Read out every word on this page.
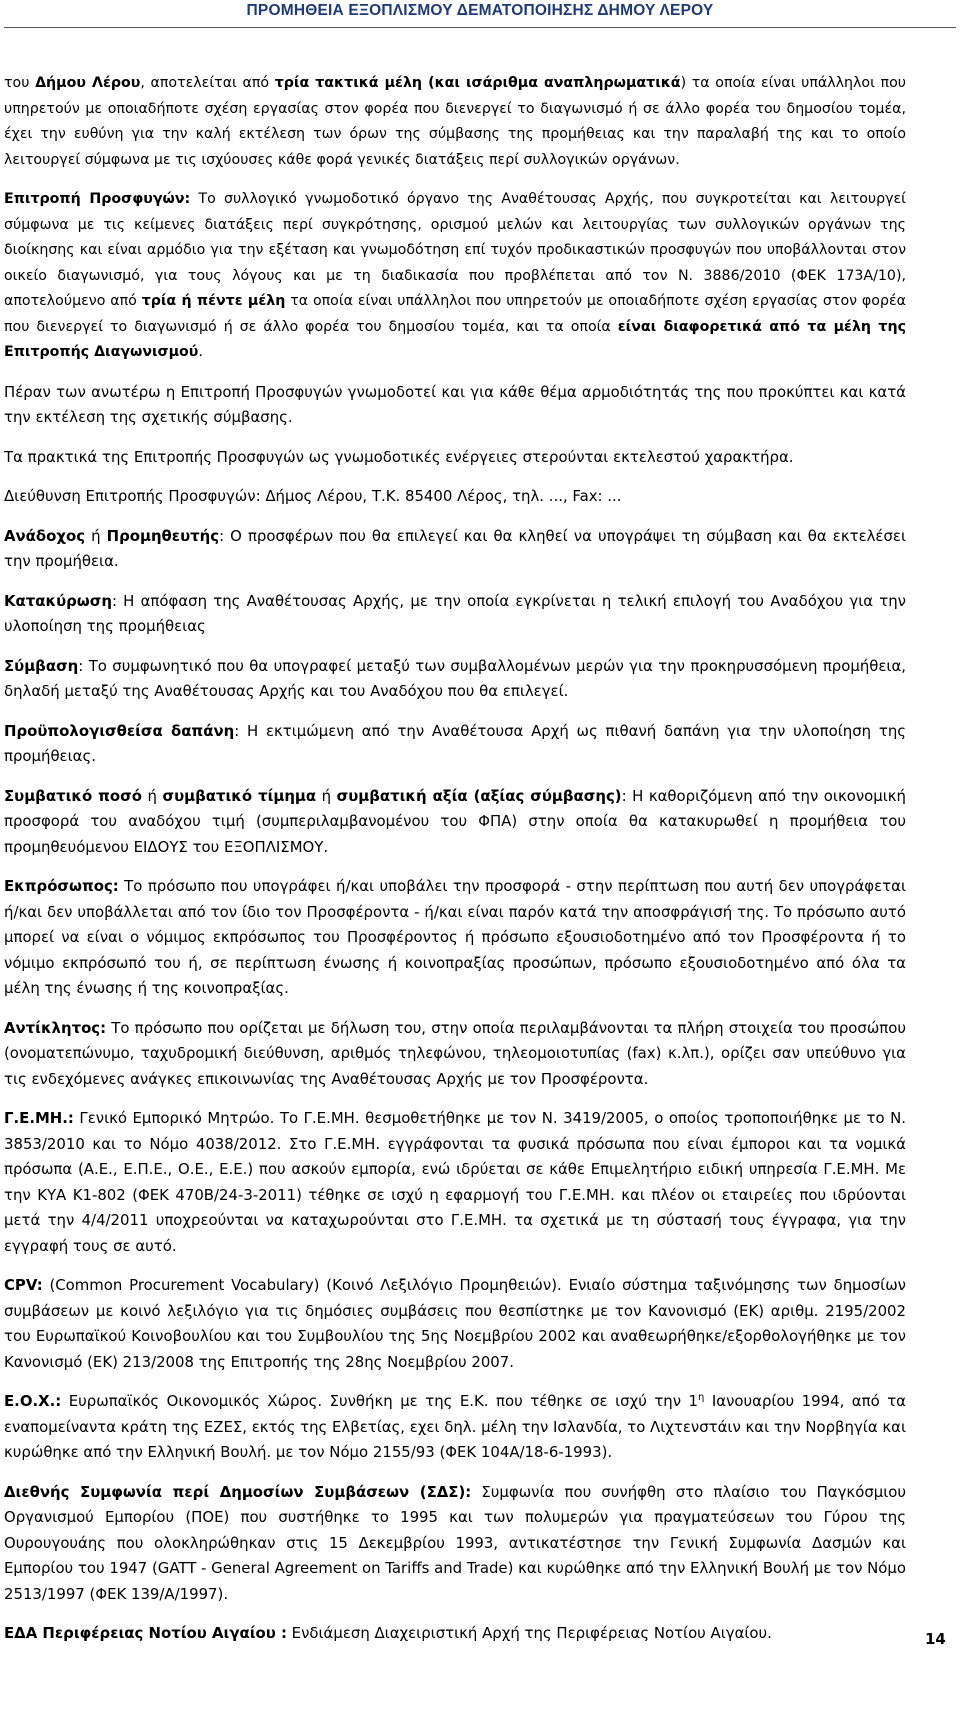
ΠΡΟΜΗΘΕΙΑ ΕΞΟΠΛΙΣΜΟΥ ΔΕΜΑΤΟΠΟΙΗΣΗΣ ΔΗΜΟΥ ΛΕΡΟΥ

του Δήμου Λέρου, αποτελείται από τρία τακτικά μέλη (και ισάριθμα αναπληρωματικά) τα οποία είναι υπάλληλοι που υπηρετούν με οποιαδήποτε σχέση εργασίας στον φορέα που διενεργεί το διαγωνισμό ή σε άλλο φορέα του δημοσίου τομέα, έχει την ευθύνη για την καλή εκτέλεση των όρων της σύμβασης της προμήθειας και την παραλαβή της και το οποίο λειτουργεί σύμφωνα με τις ισχύουσες κάθε φορά γενικές διατάξεις περί συλλογικών οργάνων.

Επιτροπή Προσφυγών: Το συλλογικό γνωμοδοτικό όργανο της Αναθέτουσας Αρχής, που συγκροτείται και λειτουργεί σύμφωνα με τις κείμενες διατάξεις περί συγκρότησης, ορισμού μελών και λειτουργίας των συλλογικών οργάνων της διοίκησης και είναι αρμόδιο για την εξέταση και γνωμοδότηση επί τυχόν προδικαστικών προσφυγών που υποβάλλονται στον οικείο διαγωνισμό, για τους λόγους και με τη διαδικασία που προβλέπεται από τον Ν. 3886/2010 (ΦΕΚ 173Α/10), αποτελούμενο από τρία ή πέντε μέλη τα οποία είναι υπάλληλοι που υπηρετούν με οποιαδήποτε σχέση εργασίας στον φορέα που διενεργεί το διαγωνισμό ή σε άλλο φορέα του δημοσίου τομέα, και τα οποία είναι διαφορετικά από τα μέλη της Επιτροπής Διαγωνισμού.

Πέραν των ανωτέρω η Επιτροπή Προσφυγών γνωμοδοτεί και για κάθε θέμα αρμοδιότητάς της που προκύπτει και κατά την εκτέλεση της σχετικής σύμβασης.

Τα πρακτικά της Επιτροπής Προσφυγών ως γνωμοδοτικές ενέργειες στερούνται εκτελεστού χαρακτήρα.

Διεύθυνση Επιτροπής Προσφυγών: Δήμος Λέρου, Τ.Κ. 85400 Λέρος, τηλ. ..., Fax: ...

Ανάδοχος ή Προμηθευτής: Ο προσφέρων που θα επιλεγεί και θα κληθεί να υπογράψει τη σύμβαση και θα εκτελέσει την προμήθεια.

Κατακύρωση: Η απόφαση της Αναθέτουσας Αρχής, με την οποία εγκρίνεται η τελική επιλογή του Αναδόχου για την υλοποίηση της προμήθειας

Σύμβαση: Το συμφωνητικό που θα υπογραφεί μεταξύ των συμβαλλομένων μερών για την προκηρυσσόμενη προμήθεια, δηλαδή μεταξύ της Αναθέτουσας Αρχής και του Αναδόχου που θα επιλεγεί.

Προϋπολογισθείσα δαπάνη: Η εκτιμώμενη από την Αναθέτουσα Αρχή ως πιθανή δαπάνη για την υλοποίηση της προμήθειας.

Συμβατικό ποσό ή συμβατικό τίμημα ή συμβατική αξία (αξίας σύμβασης): Η καθοριζόμενη από την οικονομική προσφορά του αναδόχου τιμή (συμπεριλαμβανομένου του ΦΠΑ) στην οποία θα κατακυρωθεί η προμήθεια του προμηθευόμενου ΕΙΔΟΥΣ του ΕΞΟΠΛΙΣΜΟΥ.

Εκπρόσωπος: Το πρόσωπο που υπογράφει ή/και υποβάλει την προσφορά - στην περίπτωση που αυτή δεν υπογράφεται ή/και δεν υποβάλλεται από τον ίδιο τον Προσφέροντα - ή/και είναι παρόν κατά την αποσφράγισή της. Το πρόσωπο αυτό μπορεί να είναι ο νόμιμος εκπρόσωπος του Προσφέροντος ή πρόσωπο εξουσιοδοτημένο από τον Προσφέροντα ή το νόμιμο εκπρόσωπό του ή, σε περίπτωση ένωσης ή κοινοπραξίας προσώπων, πρόσωπο εξουσιοδοτημένο από όλα τα μέλη της ένωσης ή της κοινοπραξίας.

Αντίκλητος: Το πρόσωπο που ορίζεται με δήλωση του, στην οποία περιλαμβάνονται τα πλήρη στοιχεία του προσώπου (ονοματεπώνυμο, ταχυδρομική διεύθυνση, αριθμός τηλεφώνου, τηλεομοιοτυπίας (fax) κ.λπ.), ορίζει σαν υπεύθυνο για τις ενδεχόμενες ανάγκες επικοινωνίας της Αναθέτουσας Αρχής με τον Προσφέροντα.

Γ.Ε.ΜΗ.: Γενικό Εμπορικό Μητρώο. Το Γ.Ε.ΜΗ. θεσμοθετήθηκε με τον Ν. 3419/2005, ο οποίος τροποποιήθηκε με το Ν. 3853/2010 και το Νόμο 4038/2012. Στο Γ.Ε.ΜΗ. εγγράφονται τα φυσικά πρόσωπα που είναι έμποροι και τα νομικά πρόσωπα (Α.Ε., Ε.Π.Ε., Ο.Ε., Ε.Ε.) που ασκούν εμπορία, ενώ ιδρύεται σε κάθε Επιμελητήριο ειδική υπηρεσία Γ.Ε.ΜΗ. Με την ΚΥΑ Κ1-802 (ΦΕΚ 470Β/24-3-2011) τέθηκε σε ισχύ η εφαρμογή του Γ.Ε.ΜΗ. και πλέον οι εταιρείες που ιδρύονται μετά την 4/4/2011 υποχρεούνται να καταχωρούνται στο Γ.Ε.ΜΗ. τα σχετικά με τη σύστασή τους έγγραφα, για την εγγραφή τους σε αυτό.

CPV: (Common Procurement Vocabulary) (Κοινό Λεξιλόγιο Προμηθειών). Ενιαίο σύστημα ταξινόμησης των δημοσίων συμβάσεων με κοινό λεξιλόγιο για τις δημόσιες συμβάσεις που θεσπίστηκε με τον Κανονισμό (ΕΚ) αριθμ. 2195/2002 του Ευρωπαϊκού Κοινοβουλίου και του Συμβουλίου της 5ης Νοεμβρίου 2002 και αναθεωρήθηκε/εξορθολογήθηκε με τον Κανονισμό (ΕΚ) 213/2008 της Επιτροπής της 28ης Νοεμβρίου 2007.

Ε.Ο.Χ.: Ευρωπαϊκός Οικονομικός Χώρος. Συνθήκη με της Ε.Κ. που τέθηκε σε ισχύ την $1^\eta$ Ιανουαρίου 1994, από τα εναπομείναντα κράτη της ΕΖΕΣ, εκτός της Ελβετίας, εχει δηλ. μέλη την Ισλανδία, το Λιχτενστάιν και την Νορβηγία και κυρώθηκε από την Ελληνική Βουλή. με τον Νόμο 2155/93 (ΦΕΚ 104Α/18-6-1993).

Διεθνής Συμφωνία περί Δημοσίων Συμβάσεων (ΣΔΣ): Συμφωνία που συνήφθη στο πλαίσιο του Παγκόσμιου Οργανισμού Εμπορίου (ΠΟΕ) που συστήθηκε το 1995 και των πολυμερών για πραγματεύσεων του Γύρου της Ουρουγουάης που ολοκληρώθηκαν στις 15 Δεκεμβρίου 1993, αντικατέστησε την Γενική Συμφωνία Δασμών και Εμπορίου του 1947 (GATT - General Agreement on Tariffs and Trade) και κυρώθηκε από την Ελληνική Βουλή με τον Νόμο 2513/1997 (ΦΕΚ 139/Α/1997).

ΕΔΑ Περιφέρειας Νοτίου Αιγαίου : Ενδιάμεση Διαχειριστική Αρχή της Περιφέρειας Νοτίου Αιγαίου.	14
